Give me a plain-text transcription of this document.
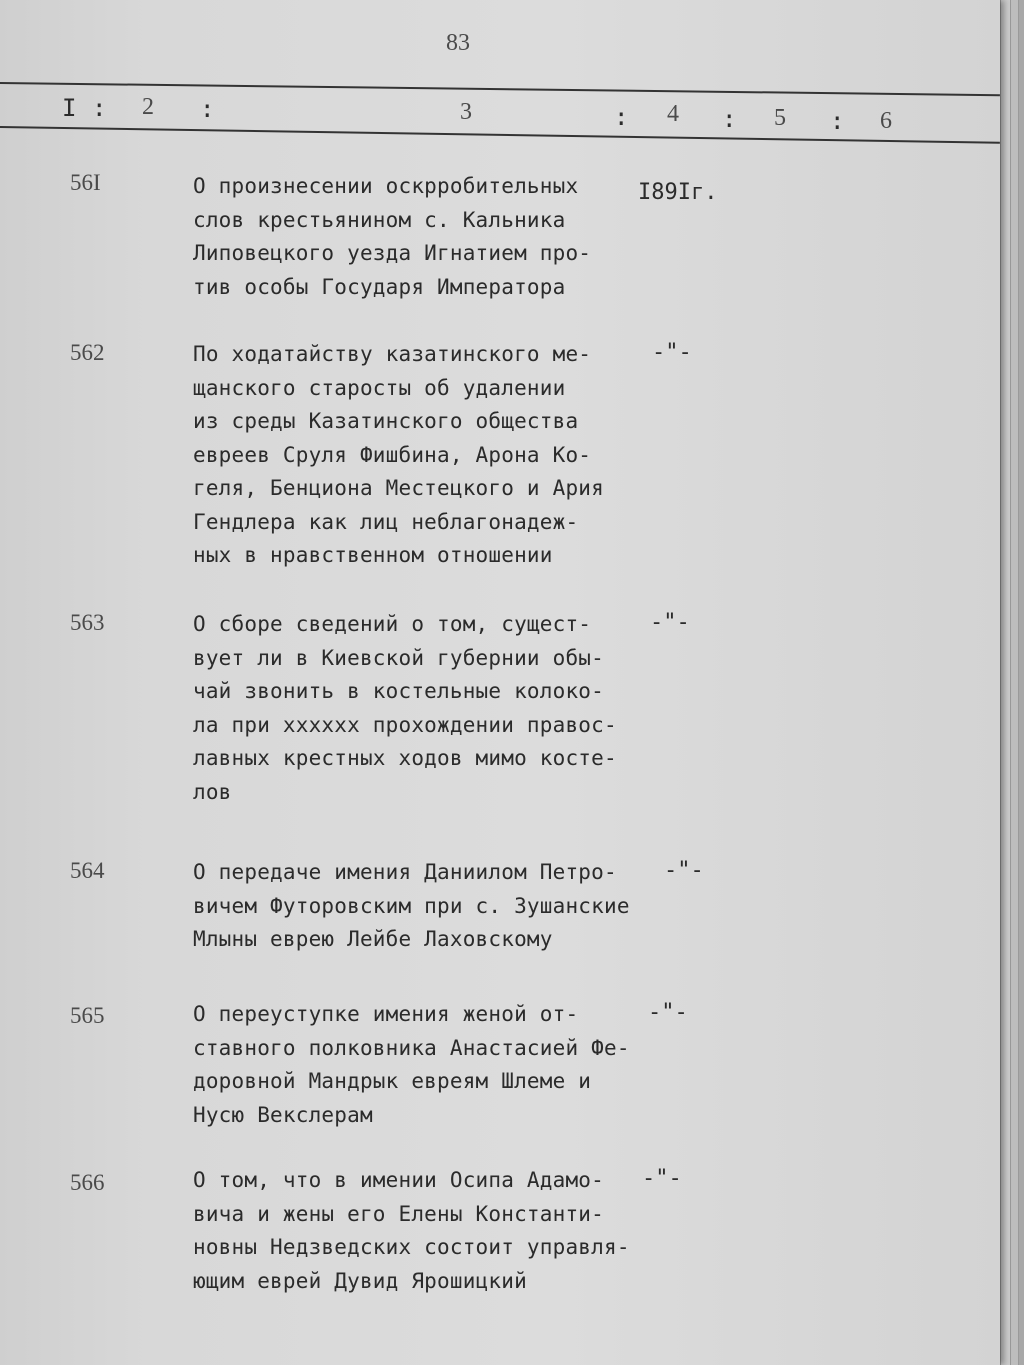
83
I : 2 :	3	: 4 : 5 : 6
56I	О произнесении оскрробительных
слов крестьянином с. Кальника
Липовецкого уезда Игнатием про-
тив особы Государя Императора
I89Iг.
562	По ходатайству казатинского ме-
щанского старосты об удалении
из среды Казатинского общества
евреев Сруля Фишбина, Арона Ко-
геля, Бенциона Местецкого и Ария
Гендлера как лиц неблагонадеж-
ных в нравственном отношении
-"-
563	О сборе сведений о том, сущест-
вует ли в Киевской губернии обы-
чай звонить в костельные колоко-
ла при хххххх прохождении правос-
лавных крестных ходов мимо костe-
лов
-"-
564	О передаче имения Даниилом Петро-
вичем Футоровским при с. Зушанские
Млыны еврею Лейбе Лаховскому
-"-
565	О переуступке имения женой от-
ставного полковника Анастасией Фе-
доровной Мандрык евреям Шлеме и
Нусю Векслерам
-"-
566	О том, что в имении Осипа Адамо-
вича и жены его Елены Константи-
новны Недзведских состоит управля-
ющим еврей Дувид Ярошицкий
-"-
